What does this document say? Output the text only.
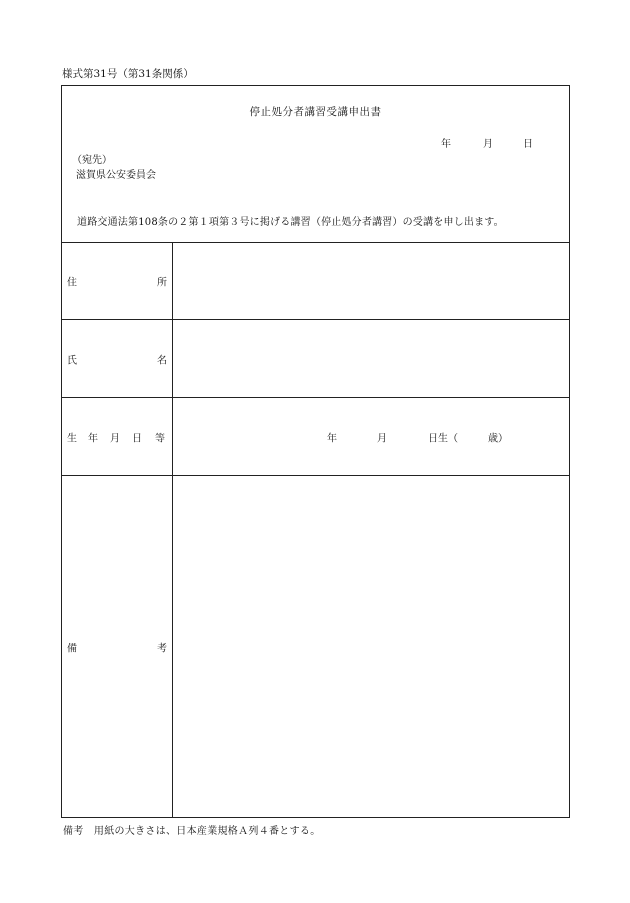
様式第31号（第31条関係）
停止処分者講習受講申出書
年	月	日
（宛先）
滋賀県公安委員会
道路交通法第108条の２第１項第３号に掲げる講習（停止処分者講習）の受講を申し出ます。
住	所
氏	名
生 年 月 日 等	年	月	日生（	歳）
備	考
備考　用紙の大きさは、日本産業規格Ａ列４番とする。
